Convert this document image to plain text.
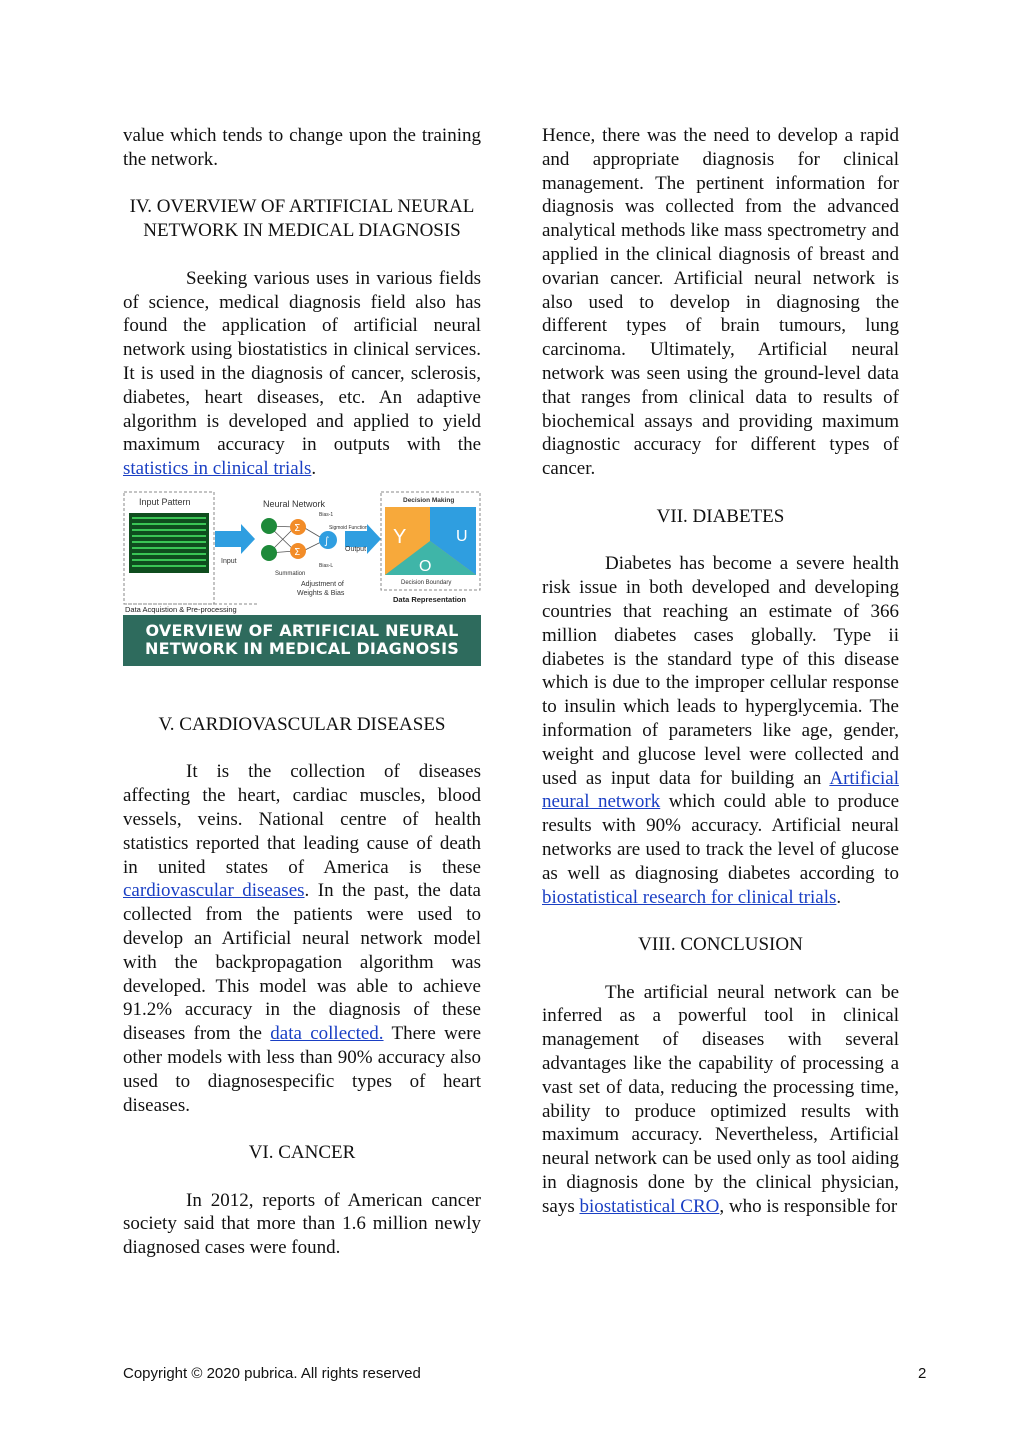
value which tends to change upon the training the network.

IV. OVERVIEW OF ARTIFICIAL NEURAL NETWORK IN MEDICAL DIAGNOSIS

Seeking various uses in various fields of science, medical diagnosis field also has found the application of artificial neural network using biostatistics in clinical services. It is used in the diagnosis of cancer, sclerosis, diabetes, heart diseases, etc. An adaptive algorithm is developed and applied to yield maximum accuracy in outputs with the statistics in clinical trials.

Input Pattern
Input
Neural Network
Bias-1
Sigmoid Function
Σ
Σ
∫
Bias-L
Summation
Adjustment of
Weights & Bias
Output
Decision Making
Y
O
U
Decision Boundary
Data Acquistion & Pre-processing
Data Representation
OVERVIEW OF ARTIFICIAL NEURAL
NETWORK IN MEDICAL DIAGNOSIS
V. CARDIOVASCULAR DISEASES

It is the collection of diseases affecting the heart, cardiac muscles, blood vessels, veins. National centre of health statistics reported that leading cause of death in united states of America is these cardiovascular diseases. In the past, the data collected from the patients were used to develop an Artificial neural network model with the backpropagation algorithm was developed. This model was able to achieve 91.2% accuracy in the diagnosis of these diseases from the data collected. There were other models with less than 90% accuracy also used to diagnosespecific types of heart diseases.

VI. CANCER

In 2012, reports of American cancer society said that more than 1.6 million newly diagnosed cases were found.

Hence, there was the need to develop a rapid and appropriate diagnosis for clinical management. The pertinent information for diagnosis was collected from the advanced analytical methods like mass spectrometry and applied in the clinical diagnosis of breast and ovarian cancer. Artificial neural network is also used to develop in diagnosing the different types of brain tumours, lung carcinoma. Ultimately, Artificial neural network was seen using the ground-level data that ranges from clinical data to results of biochemical assays and providing maximum diagnostic accuracy for different types of cancer.

VII. DIABETES

Diabetes has become a severe health risk issue in both developed and developing countries that reaching an estimate of 366 million diabetes cases globally. Type ii diabetes is the standard type of this disease which is due to the improper cellular response to insulin which leads to hyperglycemia. The information of parameters like age, gender, weight and glucose level were collected and used as input data for building an Artificial neural network which could able to produce results with 90% accuracy. Artificial neural networks are used to track the level of glucose as well as diagnosing diabetes according to biostatistical research for clinical trials.

VIII. CONCLUSION

The artificial neural network can be inferred as a powerful tool in clinical management of diseases with several advantages like the capability of processing a vast set of data, reducing the processing time, ability to produce optimized results with maximum accuracy. Nevertheless, Artificial neural network can be used only as tool aiding in diagnosis done by the clinical physician, says biostatistical CRO, who is responsible for

Copyright © 2020 pubrica. All rights reserved	2
